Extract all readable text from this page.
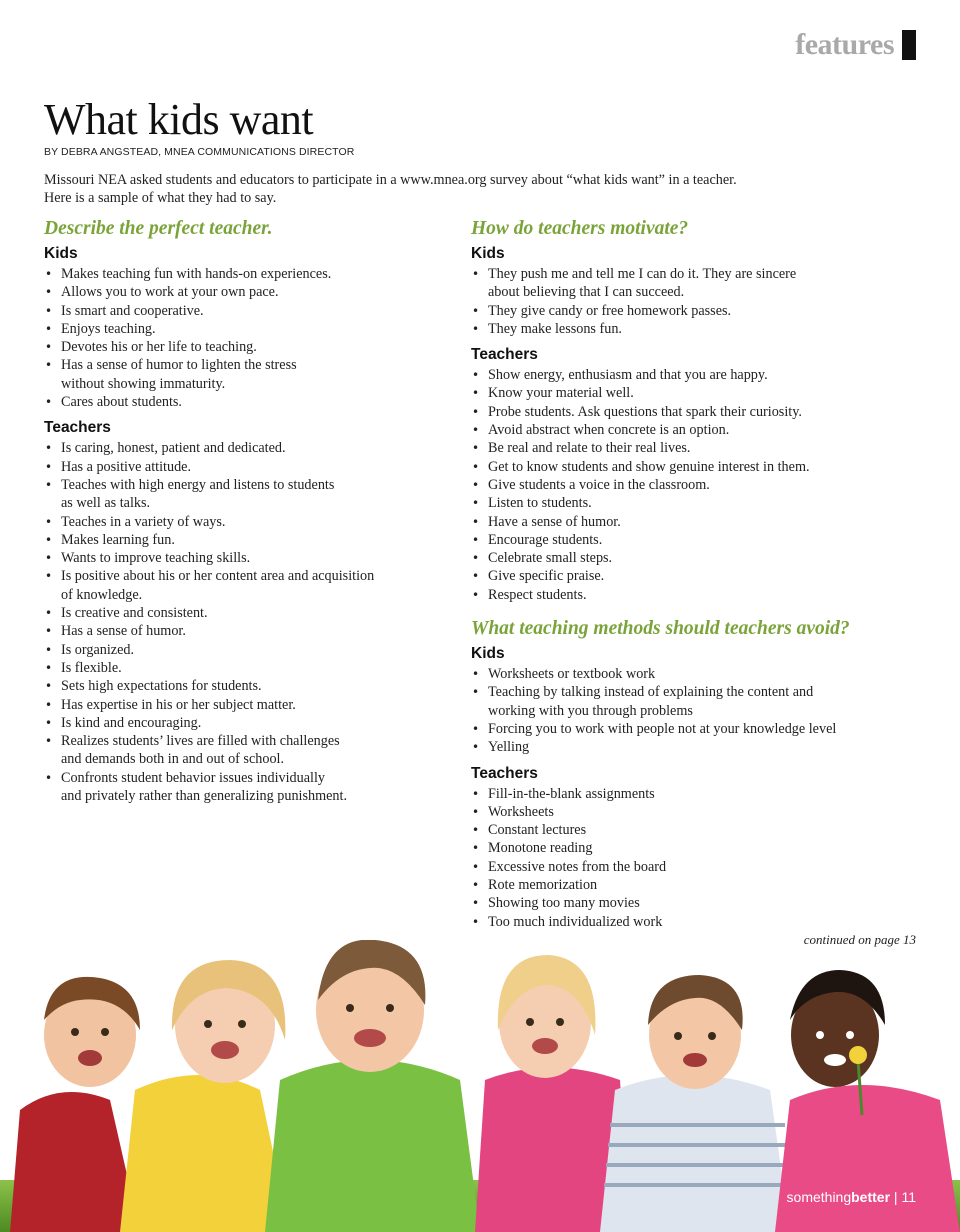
features
What kids want
BY DEBRA ANGSTEAD, MNEA COMMUNICATIONS DIRECTOR
Missouri NEA asked students and educators to participate in a www.mnea.org survey about “what kids want” in a teacher.
Here is a sample of what they had to say.
Describe the perfect teacher.
Kids
• Makes teaching fun with hands-on experiences.
• Allows you to work at your own pace.
• Is smart and cooperative.
• Enjoys teaching.
• Devotes his or her life to teaching.
• Has a sense of humor to lighten the stress
without showing immaturity.
• Cares about students.
Teachers
• Is caring, honest, patient and dedicated.
• Has a positive attitude.
• Teaches with high energy and listens to students
as well as talks.
• Teaches in a variety of ways.
• Makes learning fun.
• Wants to improve teaching skills.
• Is positive about his or her content area and acquisition
of knowledge.
• Is creative and consistent.
• Has a sense of humor.
• Is organized.
• Is flexible.
• Sets high expectations for students.
• Has expertise in his or her subject matter.
• Is kind and encouraging.
• Realizes students’ lives are filled with challenges
and demands both in and out of school.
• Confronts student behavior issues individually
and privately rather than generalizing punishment.
How do teachers motivate?
Kids
• They push me and tell me I can do it. They are sincere
about believing that I can succeed.
• They give candy or free homework passes.
• They make lessons fun.
Teachers
• Show energy, enthusiasm and that you are happy.
• Know your material well.
• Probe students. Ask questions that spark their curiosity.
• Avoid abstract when concrete is an option.
• Be real and relate to their real lives.
• Get to know students and show genuine interest in them.
• Give students a voice in the classroom.
• Listen to students.
• Have a sense of humor.
• Encourage students.
• Celebrate small steps.
• Give specific praise.
• Respect students.
What teaching methods should teachers avoid?
Kids
• Worksheets or textbook work
• Teaching by talking instead of explaining the content and
working with you through problems
• Forcing you to work with people not at your knowledge level
• Yelling
Teachers
• Fill-in-the-blank assignments
• Worksheets
• Constant lectures
• Monotone reading
• Excessive notes from the board
• Rote memorization
• Showing too many movies
• Too much individualized work
continued on page 13
somethingbetter | 11
